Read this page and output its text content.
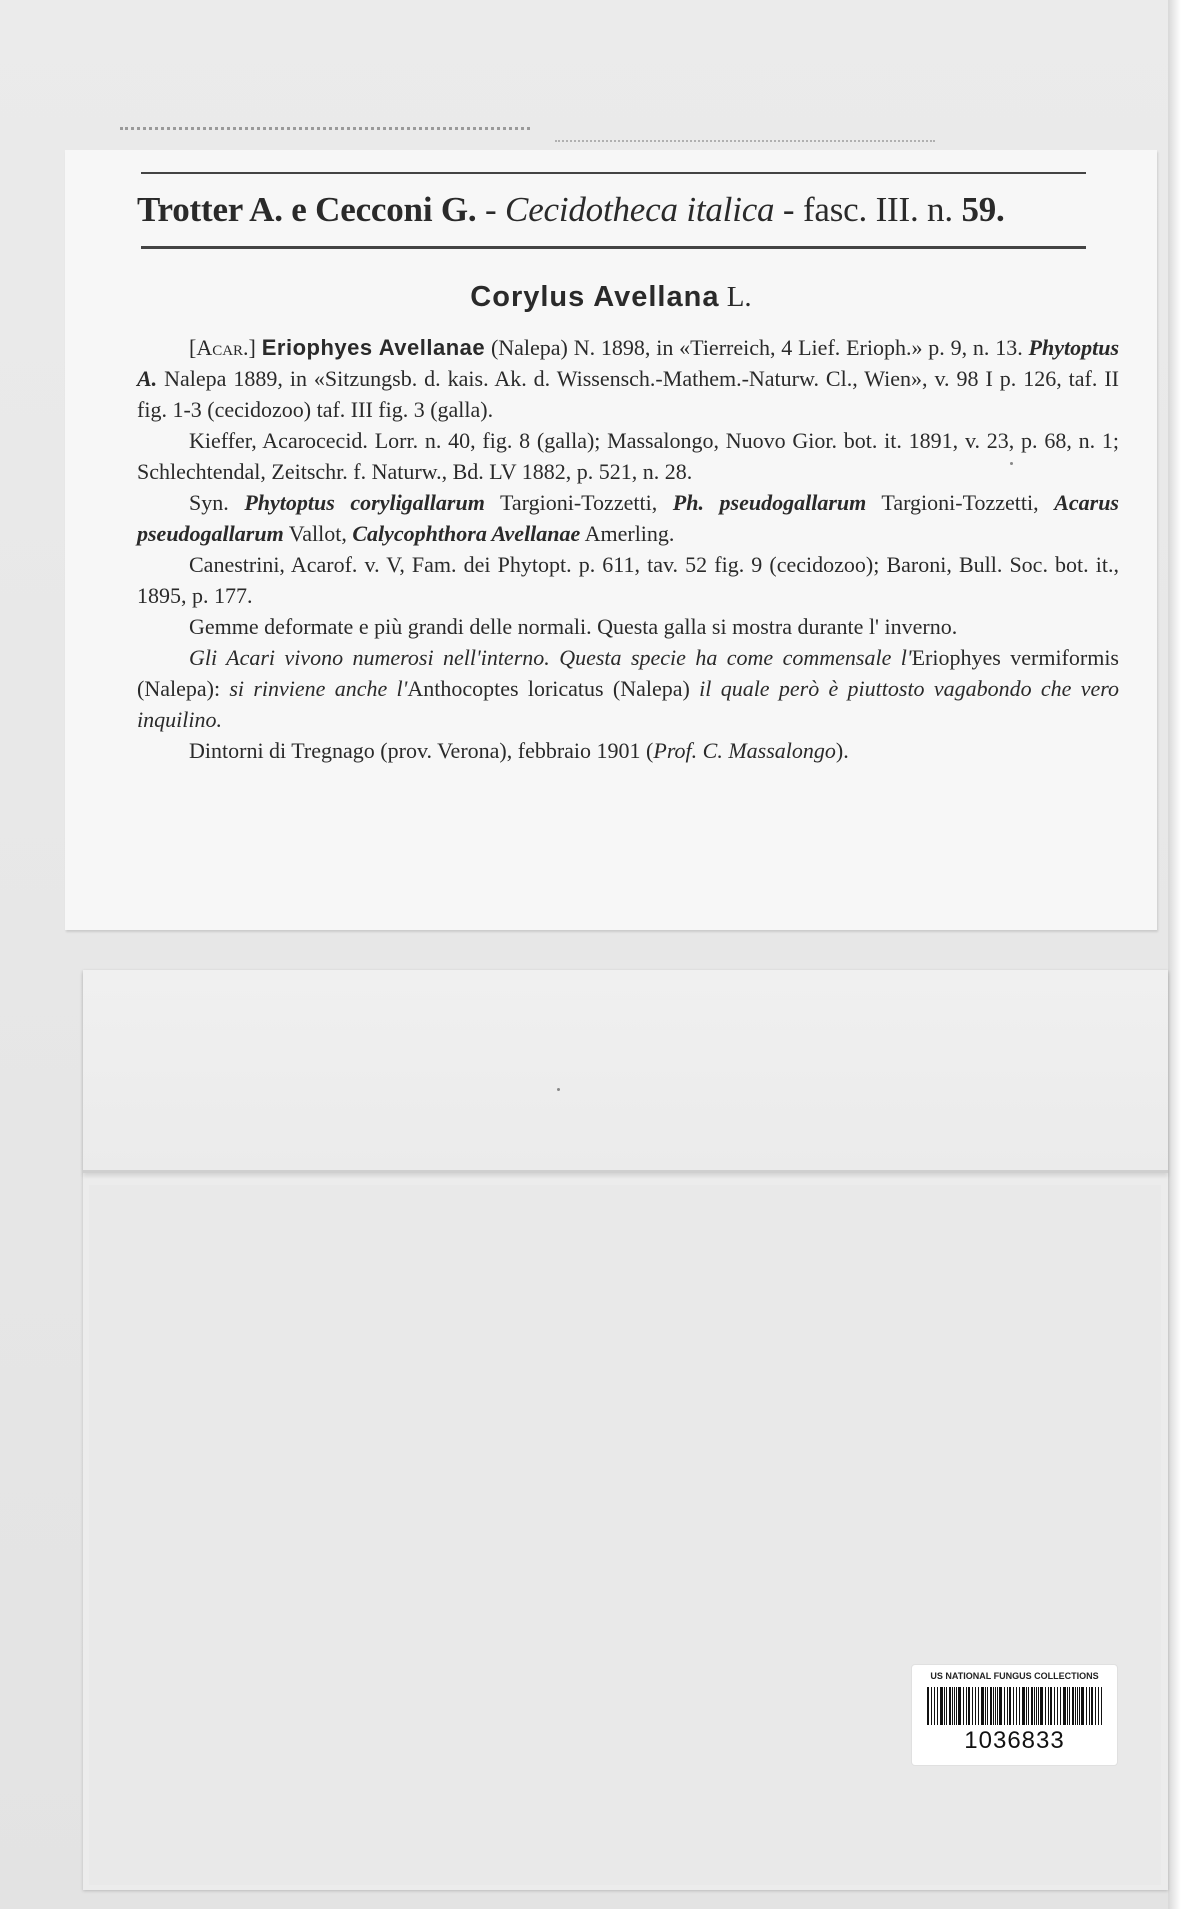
Trotter A. e Cecconi G. - Cecidotheca italica - fasc. III. n. 59.
Corylus Avellana L.

[Acar.] Eriophyes Avellanae (Nalepa) N. 1898, in «Tierreich, 4 Lief. Erioph.» p. 9, n. 13. Phytoptus A. Nalepa 1889, in «Sitzungsb. d. kais. Ak. d. Wissensch.-Mathem.-Naturw. Cl., Wien», v. 98 I p. 126, taf. II fig. 1-3 (cecidozoo) taf. III fig. 3 (galla).

Kieffer, Acarocecid. Lorr. n. 40, fig. 8 (galla); Massalongo, Nuovo Gior. bot. it. 1891, v. 23, p. 68, n. 1; Schlechtendal, Zeitschr. f. Naturw., Bd. LV 1882, p. 521, n. 28.

Syn. Phytoptus coryligallarum Targioni-Tozzetti, Ph. pseudogallarum Targioni-Tozzetti, Acarus pseudogallarum Vallot, Calycophthora Avellanae Amerling.

Canestrini, Acarof. v. V, Fam. dei Phytopt. p. 611, tav. 52 fig. 9 (cecidozoo); Baroni, Bull. Soc. bot. it., 1895, p. 177.

Gemme deformate e più grandi delle normali. Questa galla si mostra durante l' inverno.

Gli Acari vivono numerosi nell'interno. Questa specie ha come commensale l'Eriophyes vermiformis (Nalepa): si rinviene anche l'Anthocoptes loricatus (Nalepa) il quale però è piuttosto vagabondo che vero inquilino.

Dintorni di Tregnago (prov. Verona), febbraio 1901 (Prof. C. Massalongo).

US NATIONAL FUNGUS COLLECTIONS
1036833
